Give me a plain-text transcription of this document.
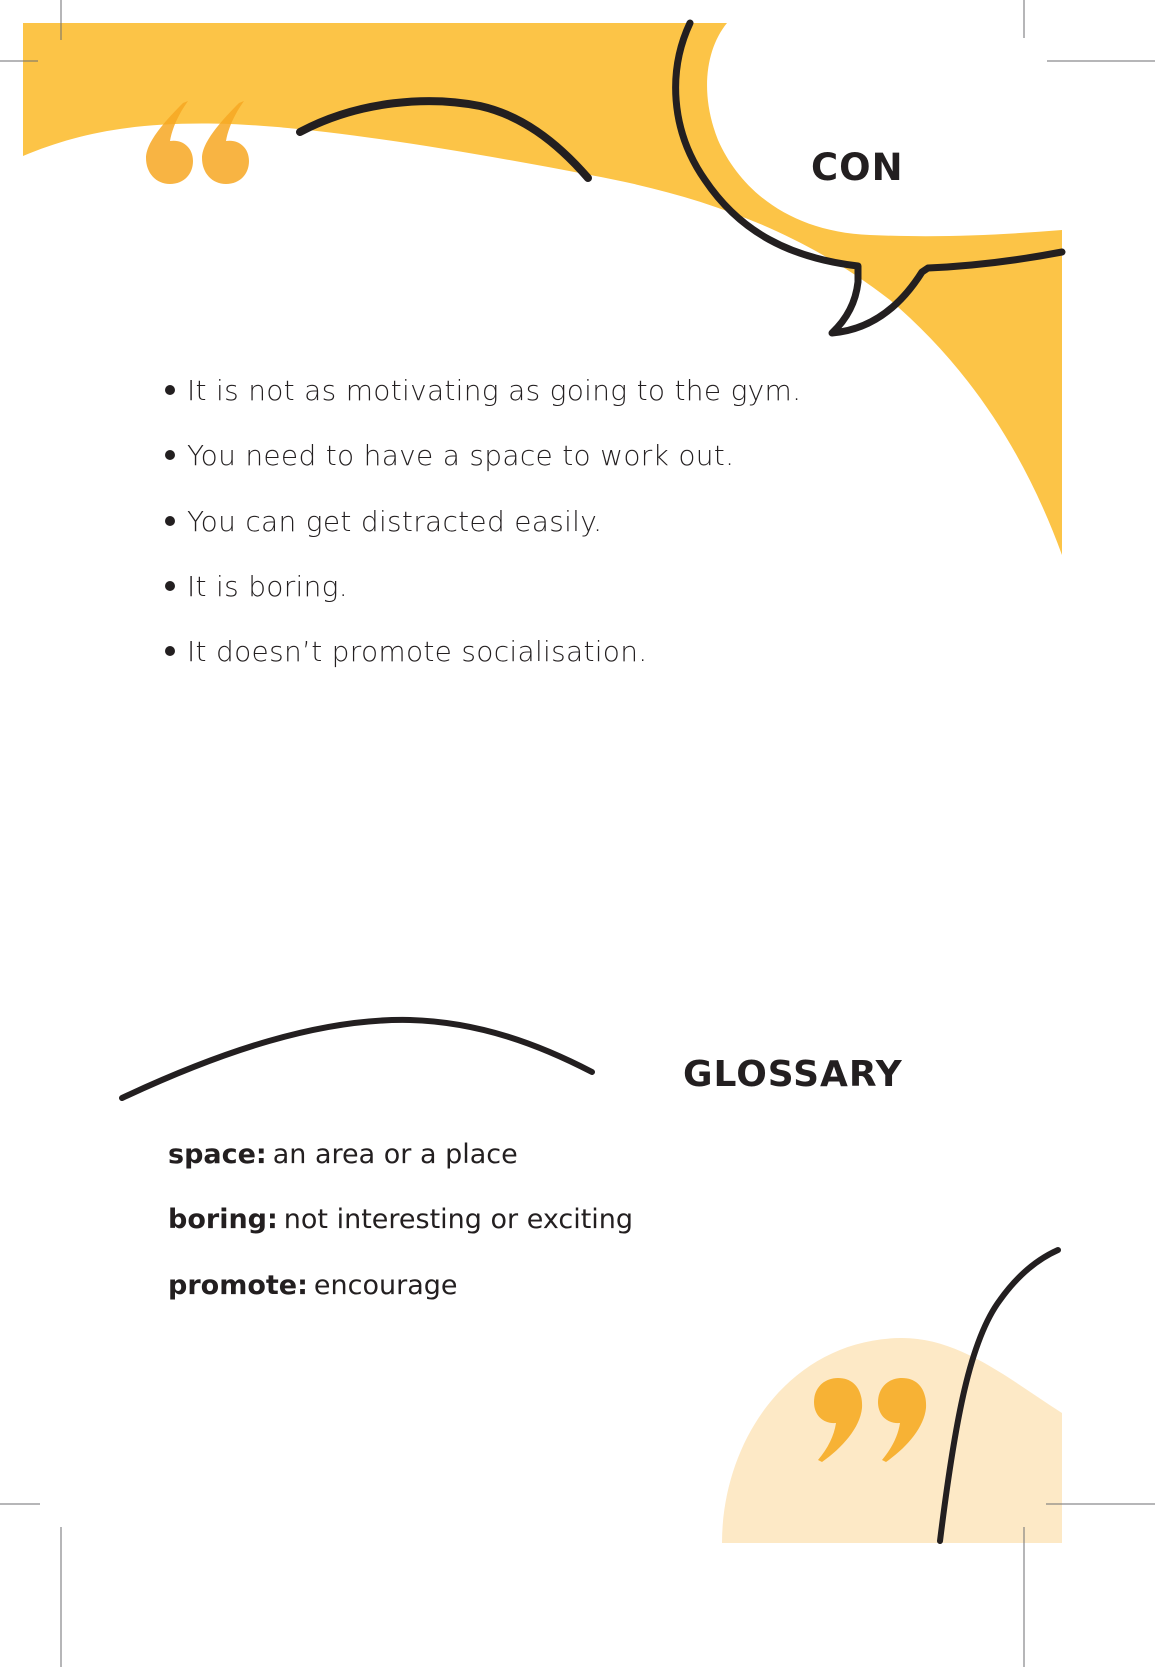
CON
It is not as motivating as going to the gym.
You need to have a space to work out.
You can get distracted easily.
It is boring.
It doesn’t promote socialisation.
GLOSSARY
space: an area or a place
boring: not interesting or exciting
promote: encourage
